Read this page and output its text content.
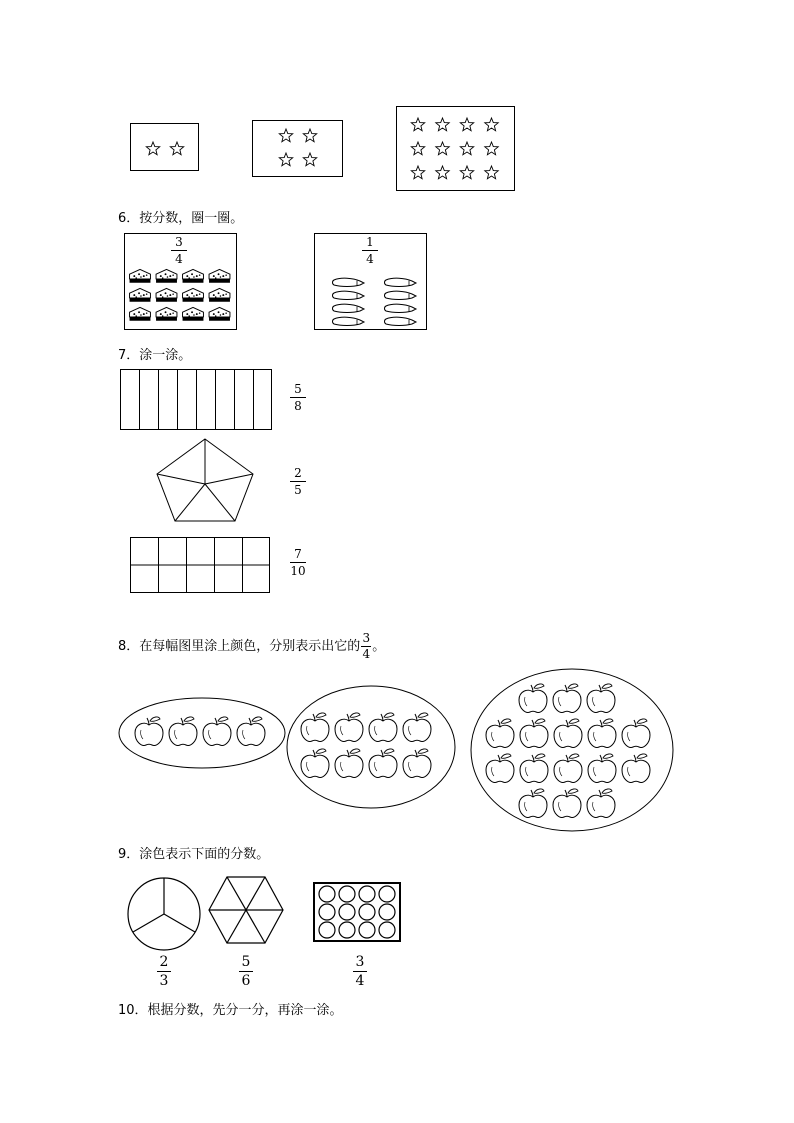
6．按分数，圈一圈。
3
4
1
4
7．涂一涂。
5
8
2
5
7
10
8．在每幅图里涂上颜色，分别表示出它的 $\frac{3}{4}$ 。
9．涂色表示下面的分数。
2
3
5
6
3
4
10．根据分数，先分一分，再涂一涂。
